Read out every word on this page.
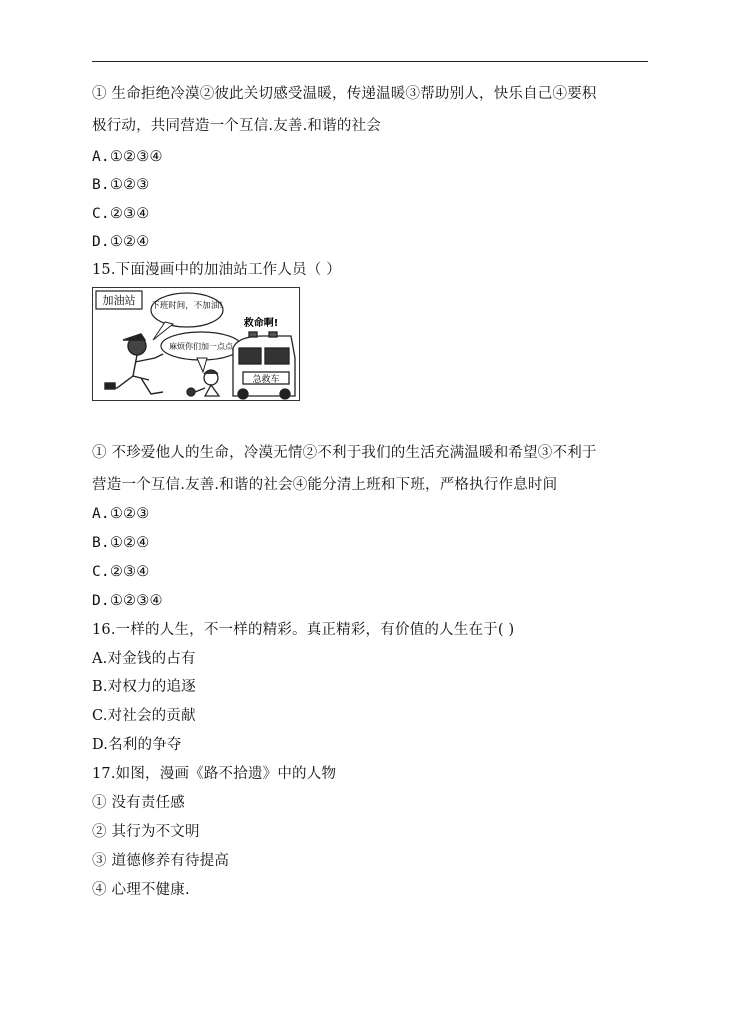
① 生命拒绝冷漠②彼此关切感受温暖，传递温暖③帮助别人，快乐自己④要积
极行动，共同营造一个互信.友善.和谐的社会
A.①②③④
B.①②③
C.②③④
D.①②④
15.下面漫画中的加油站工作人员（ ）
加油站 下班时间，不加油!
麻烦你们加一点点
救命啊!
急救车
① 不珍爱他人的生命，冷漠无情②不利于我们的生活充满温暖和希望③不利于
营造一个互信.友善.和谐的社会④能分清上班和下班，严格执行作息时间
A.①②③
B.①②④
C.②③④
D.①②③④
16.一样的人生，不一样的精彩。真正精彩，有价值的人生在于( )
A.对金钱的占有
B.对权力的追逐
C.对社会的贡献
D.名利的争夺
17.如图，漫画《路不拾遗》中的人物
① 没有责任感
② 其行为不文明
③ 道德修养有待提高
④ 心理不健康.
